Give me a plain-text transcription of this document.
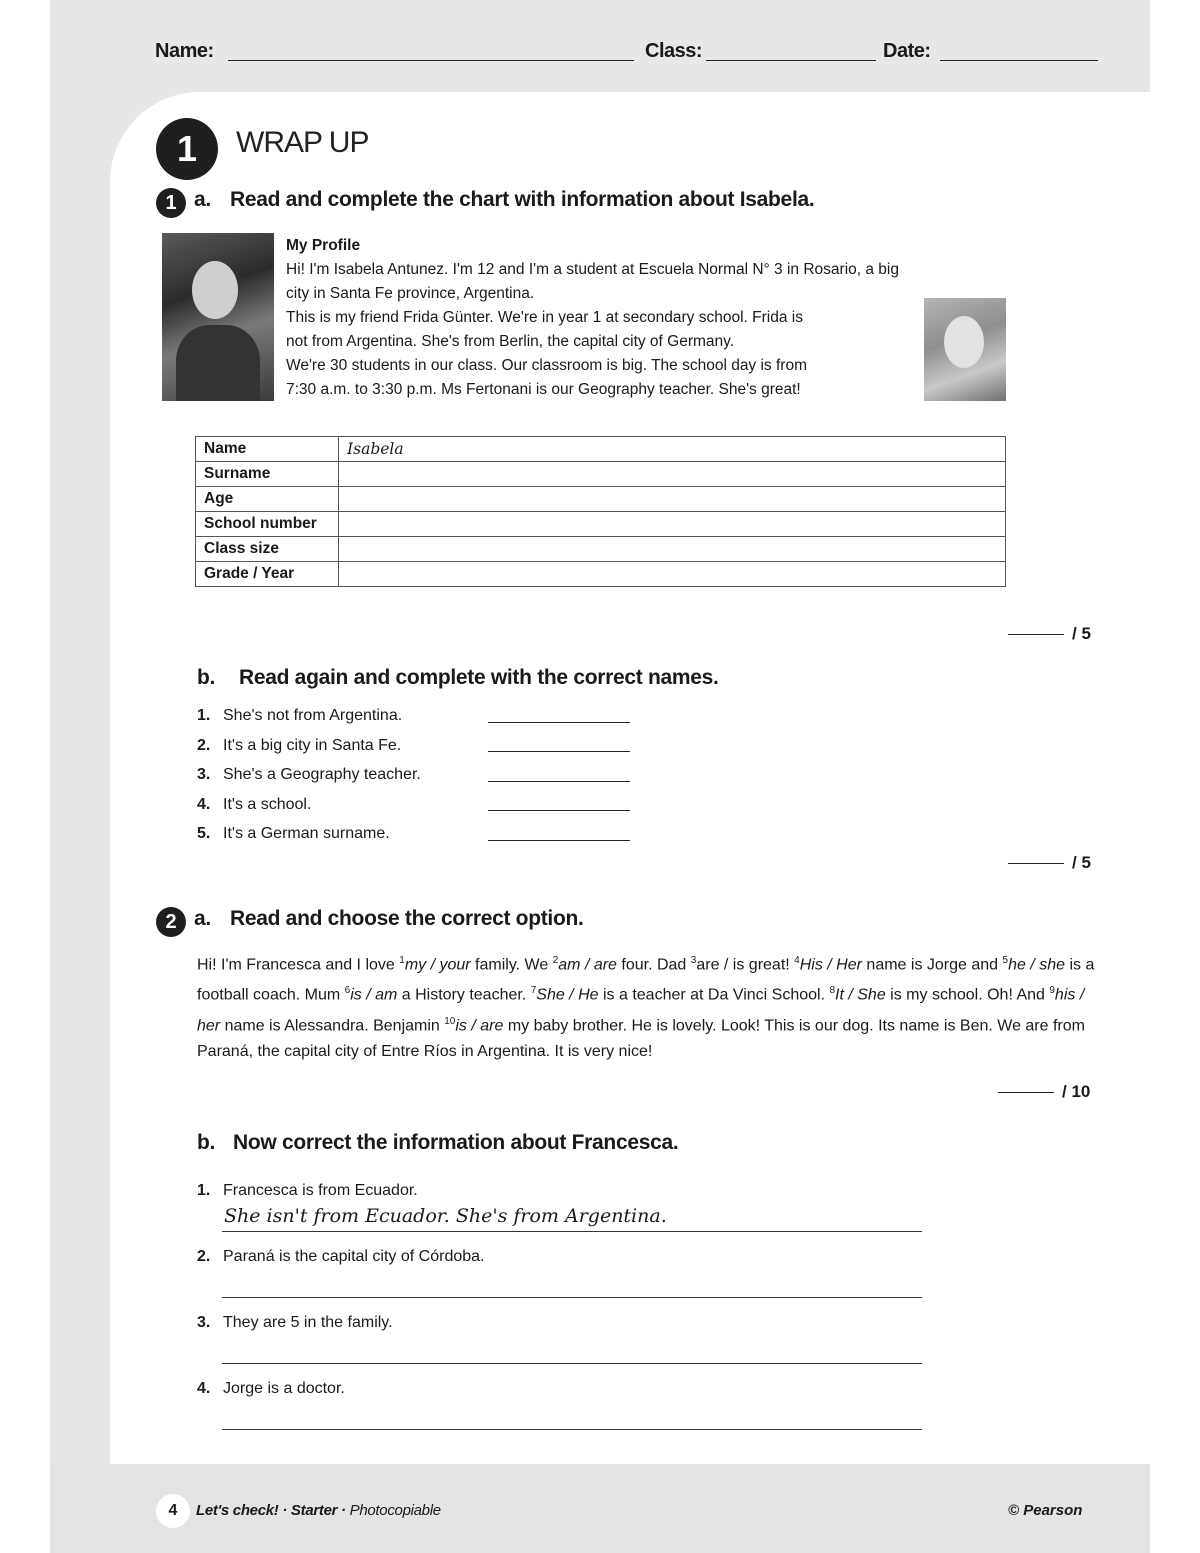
Name:	Class:	Date:
1	WRAP UP
1 a. Read and complete the chart with information about Isabela.
My Profile
Hi! I'm Isabela Antunez. I'm 12 and I'm a student at Escuela Normal N° 3 in Rosario, a big
city in Santa Fe province, Argentina.
This is my friend Frida Günter. We're in year 1 at secondary school. Frida is
not from Argentina. She's from Berlin, the capital city of Germany.
We're 30 students in our class. Our classroom is big. The school day is from
7:30 a.m. to 3:30 p.m. Ms Fertonani is our Geography teacher. She's great!
Name	Isabela
Surname	
Age	
School number	
Class size	
Grade / Year	
/ 5
b. Read again and complete with the correct names.
1. She's not from Argentina.
2. It's a big city in Santa Fe.
3. She's a Geography teacher.
4. It's a school.
5. It's a German surname.
/ 5
2 a. Read and choose the correct option.
Hi! I'm Francesca and I love $^1$my / your family. We $^2$am / are four. Dad $^3$are / is great! $^4$His / Her name is Jorge and $^5$he / she is a football coach. Mum $^6$is / am a History teacher. $^7$She / He is a teacher at Da Vinci School. $^8$It / She is my school. Oh! And $^9$his / her name is Alessandra. Benjamin $^{10}$is / are my baby brother. He is lovely. Look! This is our dog. Its name is Ben. We are from Paraná, the capital city of Entre Ríos in Argentina. It is very nice!
/ 10
b. Now correct the information about Francesca.
1. Francesca is from Ecuador.
She isn't from Ecuador. She's from Argentina.
2. Paraná is the capital city of Córdoba.
3. They are 5 in the family.
4. Jorge is a doctor.
4	Let's check! · Starter · Photocopiable	© Pearson
